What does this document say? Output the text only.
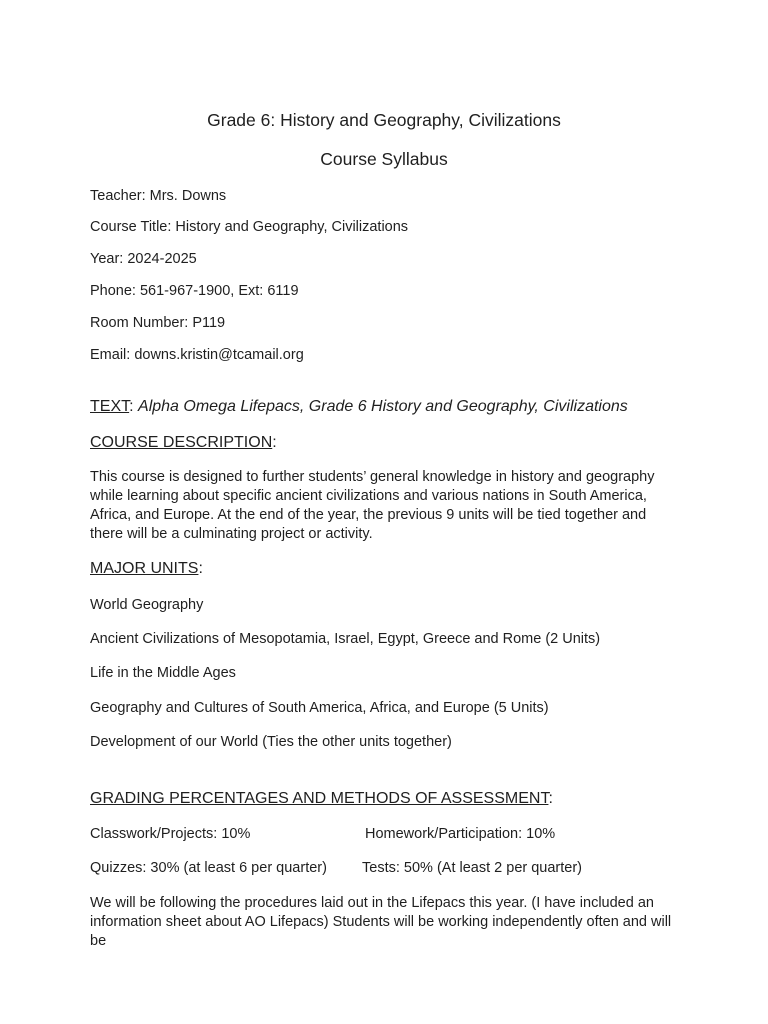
Grade 6: History and Geography, Civilizations
Course Syllabus
Teacher: Mrs. Downs
Course Title: History and Geography, Civilizations
Year: 2024-2025
Phone: 561-967-1900, Ext: 6119
Room Number: P119
Email: downs.kristin@tcamail.org
TEXT: Alpha Omega Lifepacs, Grade 6 History and Geography, Civilizations
COURSE DESCRIPTION:
This course is designed to further students’ general knowledge in history and geography while learning about specific ancient civilizations and various nations in South America, Africa, and Europe. At the end of the year, the previous 9 units will be tied together and there will be a culminating project or activity.
MAJOR UNITS:
World Geography
Ancient Civilizations of Mesopotamia, Israel, Egypt, Greece and Rome (2 Units)
Life in the Middle Ages
Geography and Cultures of South America, Africa, and Europe (5 Units)
Development of our World (Ties the other units together)
GRADING PERCENTAGES AND METHODS OF ASSESSMENT:
Classwork/Projects: 10%	Homework/Participation: 10%
Quizzes: 30% (at least 6 per quarter) Tests: 50% (At least 2 per quarter)
We will be following the procedures laid out in the Lifepacs this year. (I have included an information sheet about AO Lifepacs) Students will be working independently often and will be
